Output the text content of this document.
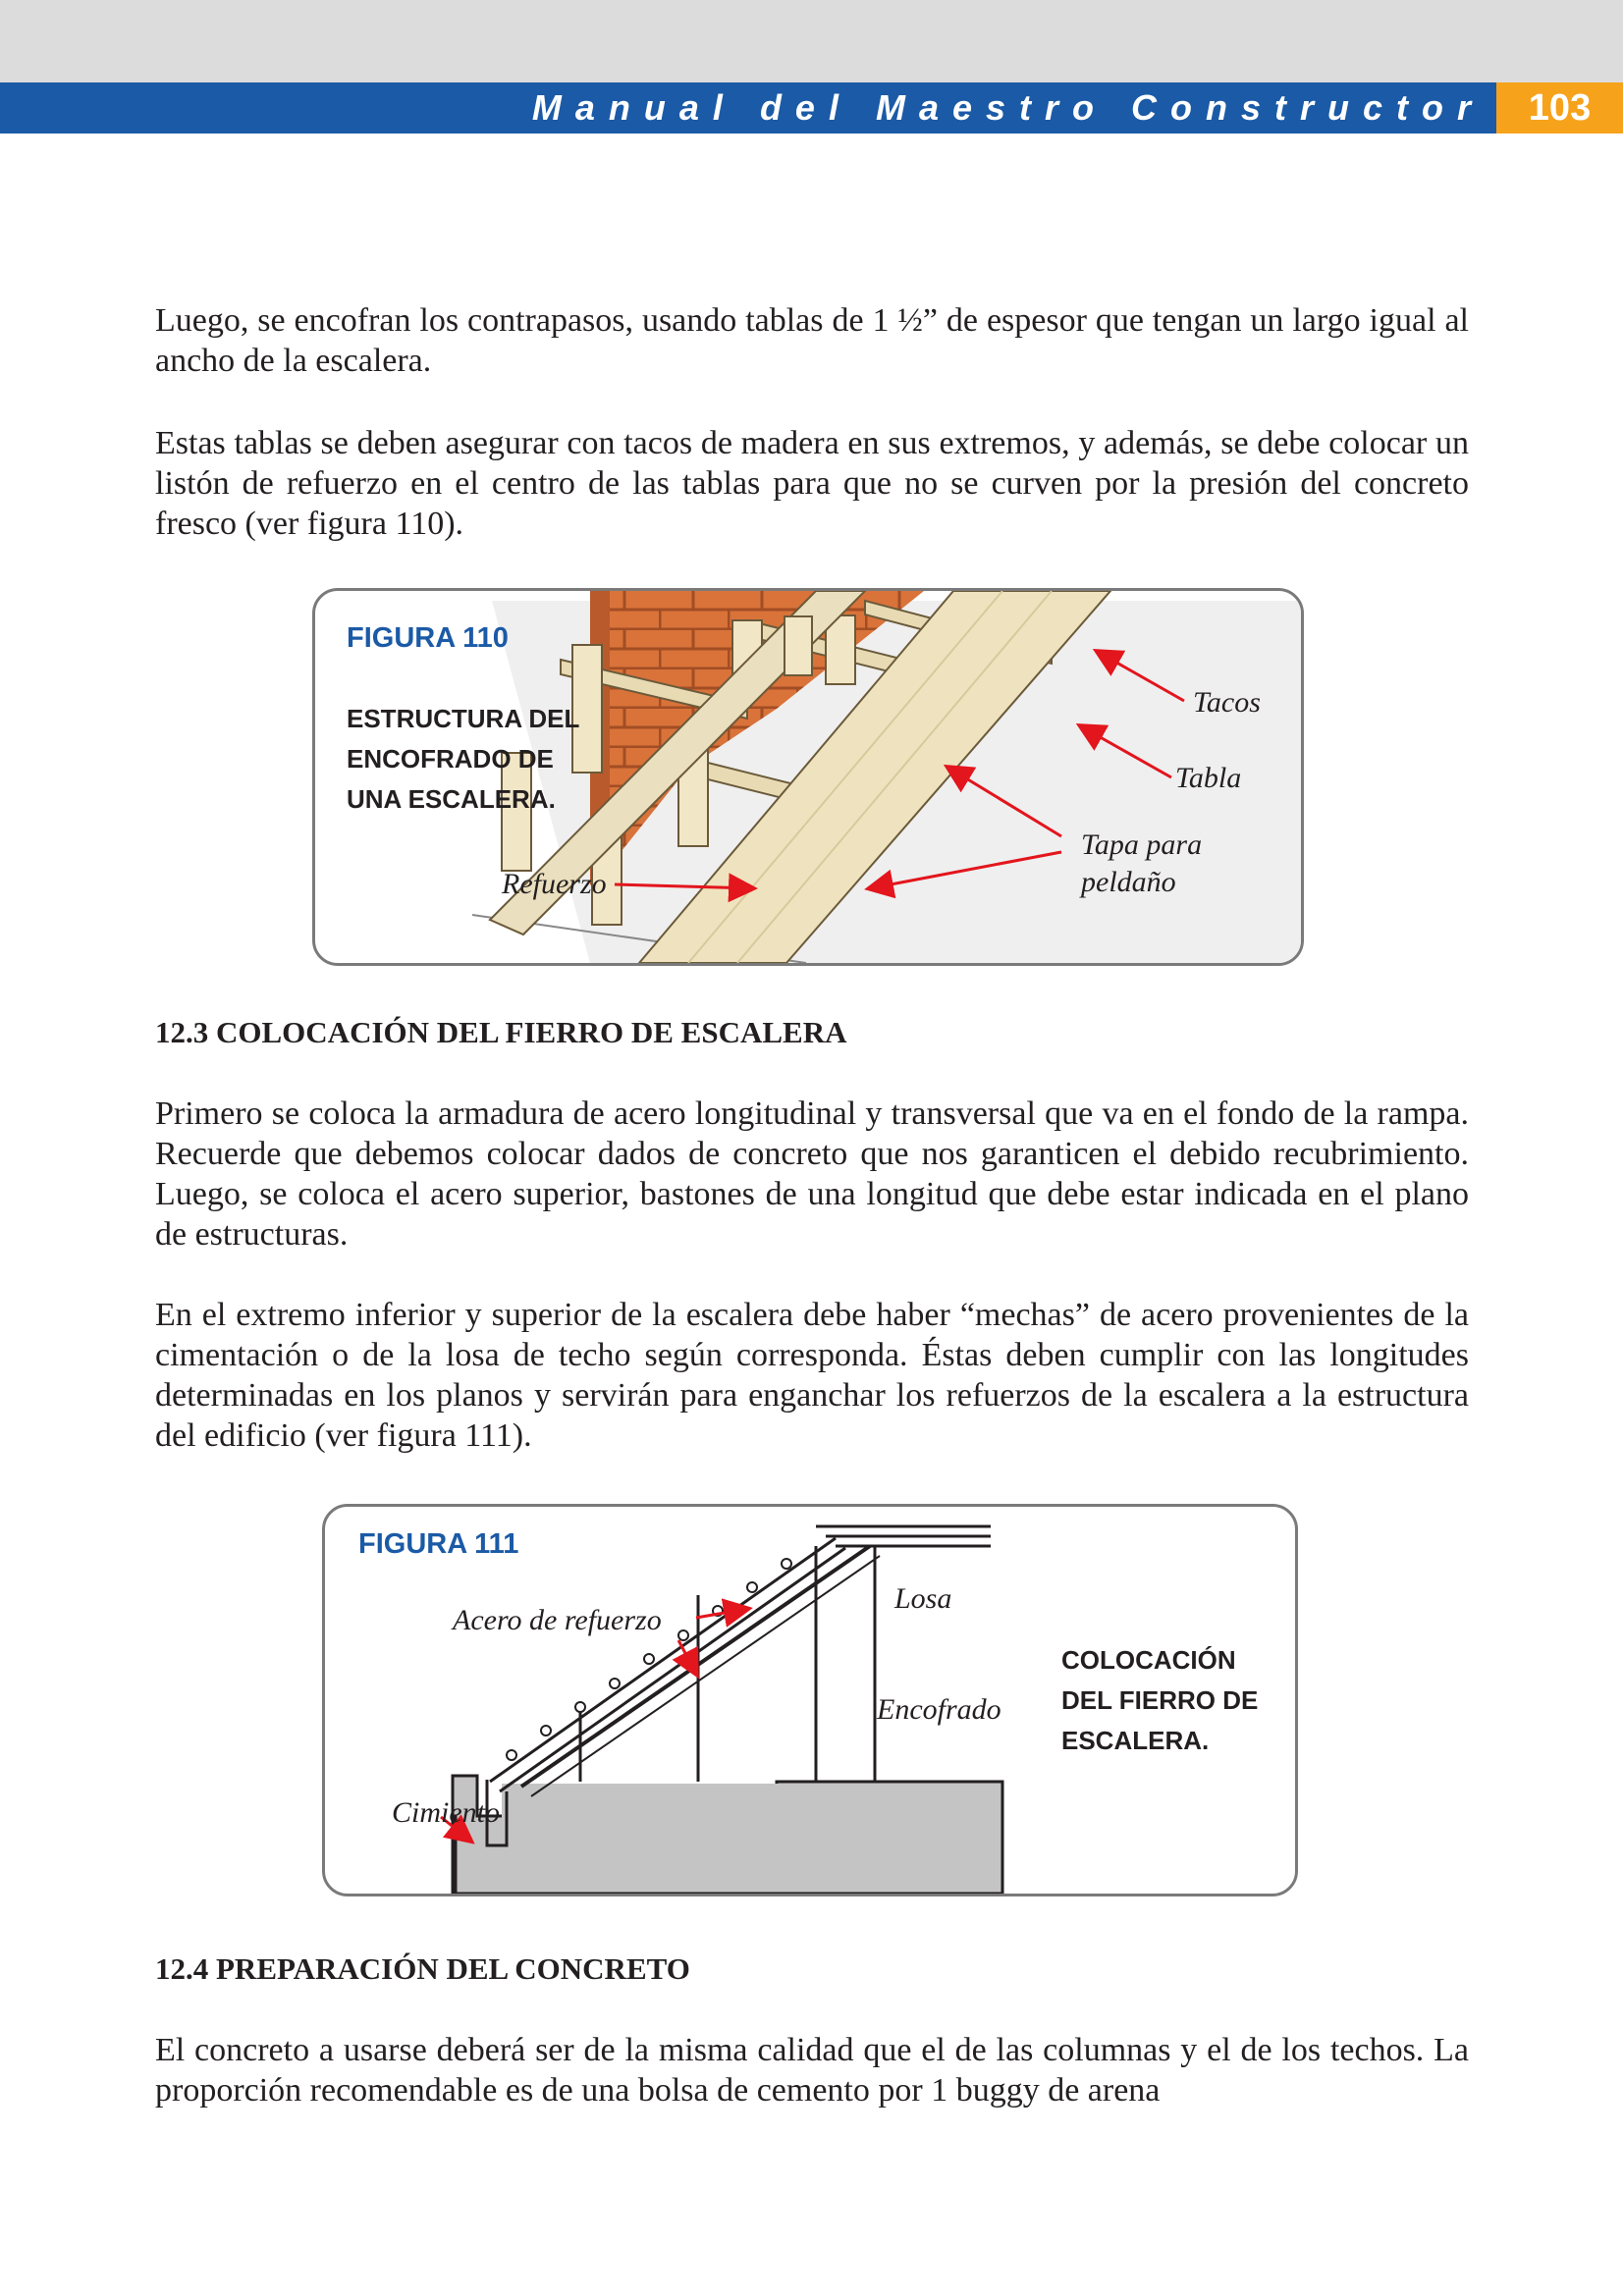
Manual del Maestro Constructor	103

Luego, se encofran los contrapasos, usando tablas de 1 ½” de espesor que tengan un largo igual al ancho de la escalera.

Estas tablas se deben asegurar con tacos de madera en sus extremos, y además, se debe colocar un listón de refuerzo en el centro de las tablas para que no se curven por la presión del concreto fresco (ver figura 110).

FIGURA 110
ESTRUCTURA DEL
ENCOFRADO DE
UNA ESCALERA.
Tacos
Tabla
Tapa para
peldaño
Refuerzo
12.3 COLOCACIÓN DEL FIERRO DE ESCALERA

Primero se coloca la armadura de acero longitudinal y transversal que va en el fondo de la rampa. Recuerde que debemos colocar dados de concreto que nos garanticen el debido recubrimiento. Luego, se coloca el acero superior, bastones de una longitud que debe estar indicada en el plano de estructuras.

En el extremo inferior y superior de la escalera debe haber “mechas” de acero provenientes de la cimentación o de la losa de techo según corresponda. Éstas deben cumplir con las longitudes determinadas en los planos y servirán para enganchar los refuerzos de la escalera a la estructura del edificio (ver figura 111).

FIGURA 111
COLOCACIÓN
DEL FIERRO DE
ESCALERA.
Acero de refuerzo
Losa
Encofrado
Cimiento
12.4 PREPARACIÓN DEL CONCRETO

El concreto a usarse deberá ser de la misma calidad que el de las columnas y el de los techos. La proporción recomendable es de una bolsa de cemento por 1 buggy de arena
